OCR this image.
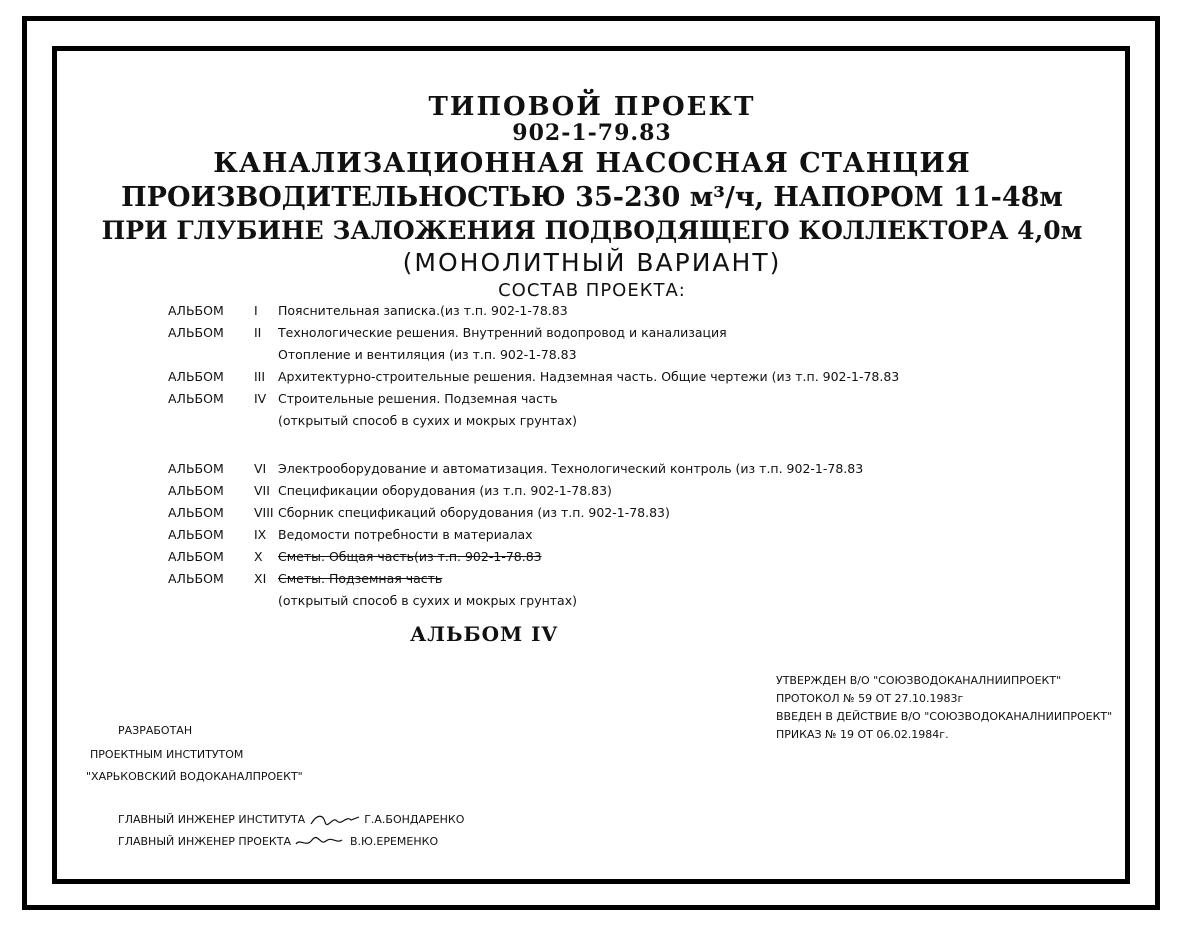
ТИПОВОЙ ПРОЕКТ
902-1-79.83
КАНАЛИЗАЦИОННАЯ НАСОСНАЯ СТАНЦИЯ
ПРОИЗВОДИТЕЛЬНОСТЬЮ 35-230 м³/ч, НАПОРОМ 11-48м
ПРИ ГЛУБИНЕ ЗАЛОЖЕНИЯ ПОДВОДЯЩЕГО КОЛЛЕКТОРА 4,0м
(МОНОЛИТНЫЙ ВАРИАНТ)
СОСТАВ ПРОЕКТА:
АЛЬБОМ I Пояснительная записка.(из т.п. 902-1-78.83
АЛЬБОМ II Технологические решения. Внутренний водопровод и канализация
Отопление и вентиляция (из т.п. 902-1-78.83
АЛЬБОМ III Архитектурно-строительные решения. Надземная часть. Общие чертежи (из т.п. 902-1-78.83
АЛЬБОМ IV Строительные решения. Подземная часть
(открытый способ в сухих и мокрых грунтах)
АЛЬБОМ VI Электрооборудование и автоматизация. Технологический контроль (из т.п. 902-1-78.83
АЛЬБОМ VII Спецификации оборудования (из т.п. 902-1-78.83)
АЛЬБОМ VIII Сборник спецификаций оборудования (из т.п. 902-1-78.83)
АЛЬБОМ IX Ведомости потребности в материалах
АЛЬБОМ X Сметы. Общая часть(из т.п. 902-1-78.83
АЛЬБОМ XI Сметы. Подземная часть
(открытый способ в сухих и мокрых грунтах)
АЛЬБОМ IV
УТВЕРЖДЕН В/О "СОЮЗВОДОКАНАЛНИИПРОЕКТ"
ПРОТОКОЛ № 59 ОТ 27.10.1983г
ВВЕДЕН В ДЕЙСТВИЕ В/О "СОЮЗВОДОКАНАЛНИИПРОЕКТ"
ПРИКАЗ № 19 ОТ 06.02.1984г.
РАЗРАБОТАН
ПРОЕКТНЫМ ИНСТИТУТОМ
"ХАРЬКОВСКИЙ ВОДОКАНАЛПРОЕКТ"
ГЛАВНЫЙ ИНЖЕНЕР ИНСТИТУТА	Г.А.БОНДАРЕНКО
ГЛАВНЫЙ ИНЖЕНЕР ПРОЕКТА	В.Ю.ЕРЕМЕНКО
